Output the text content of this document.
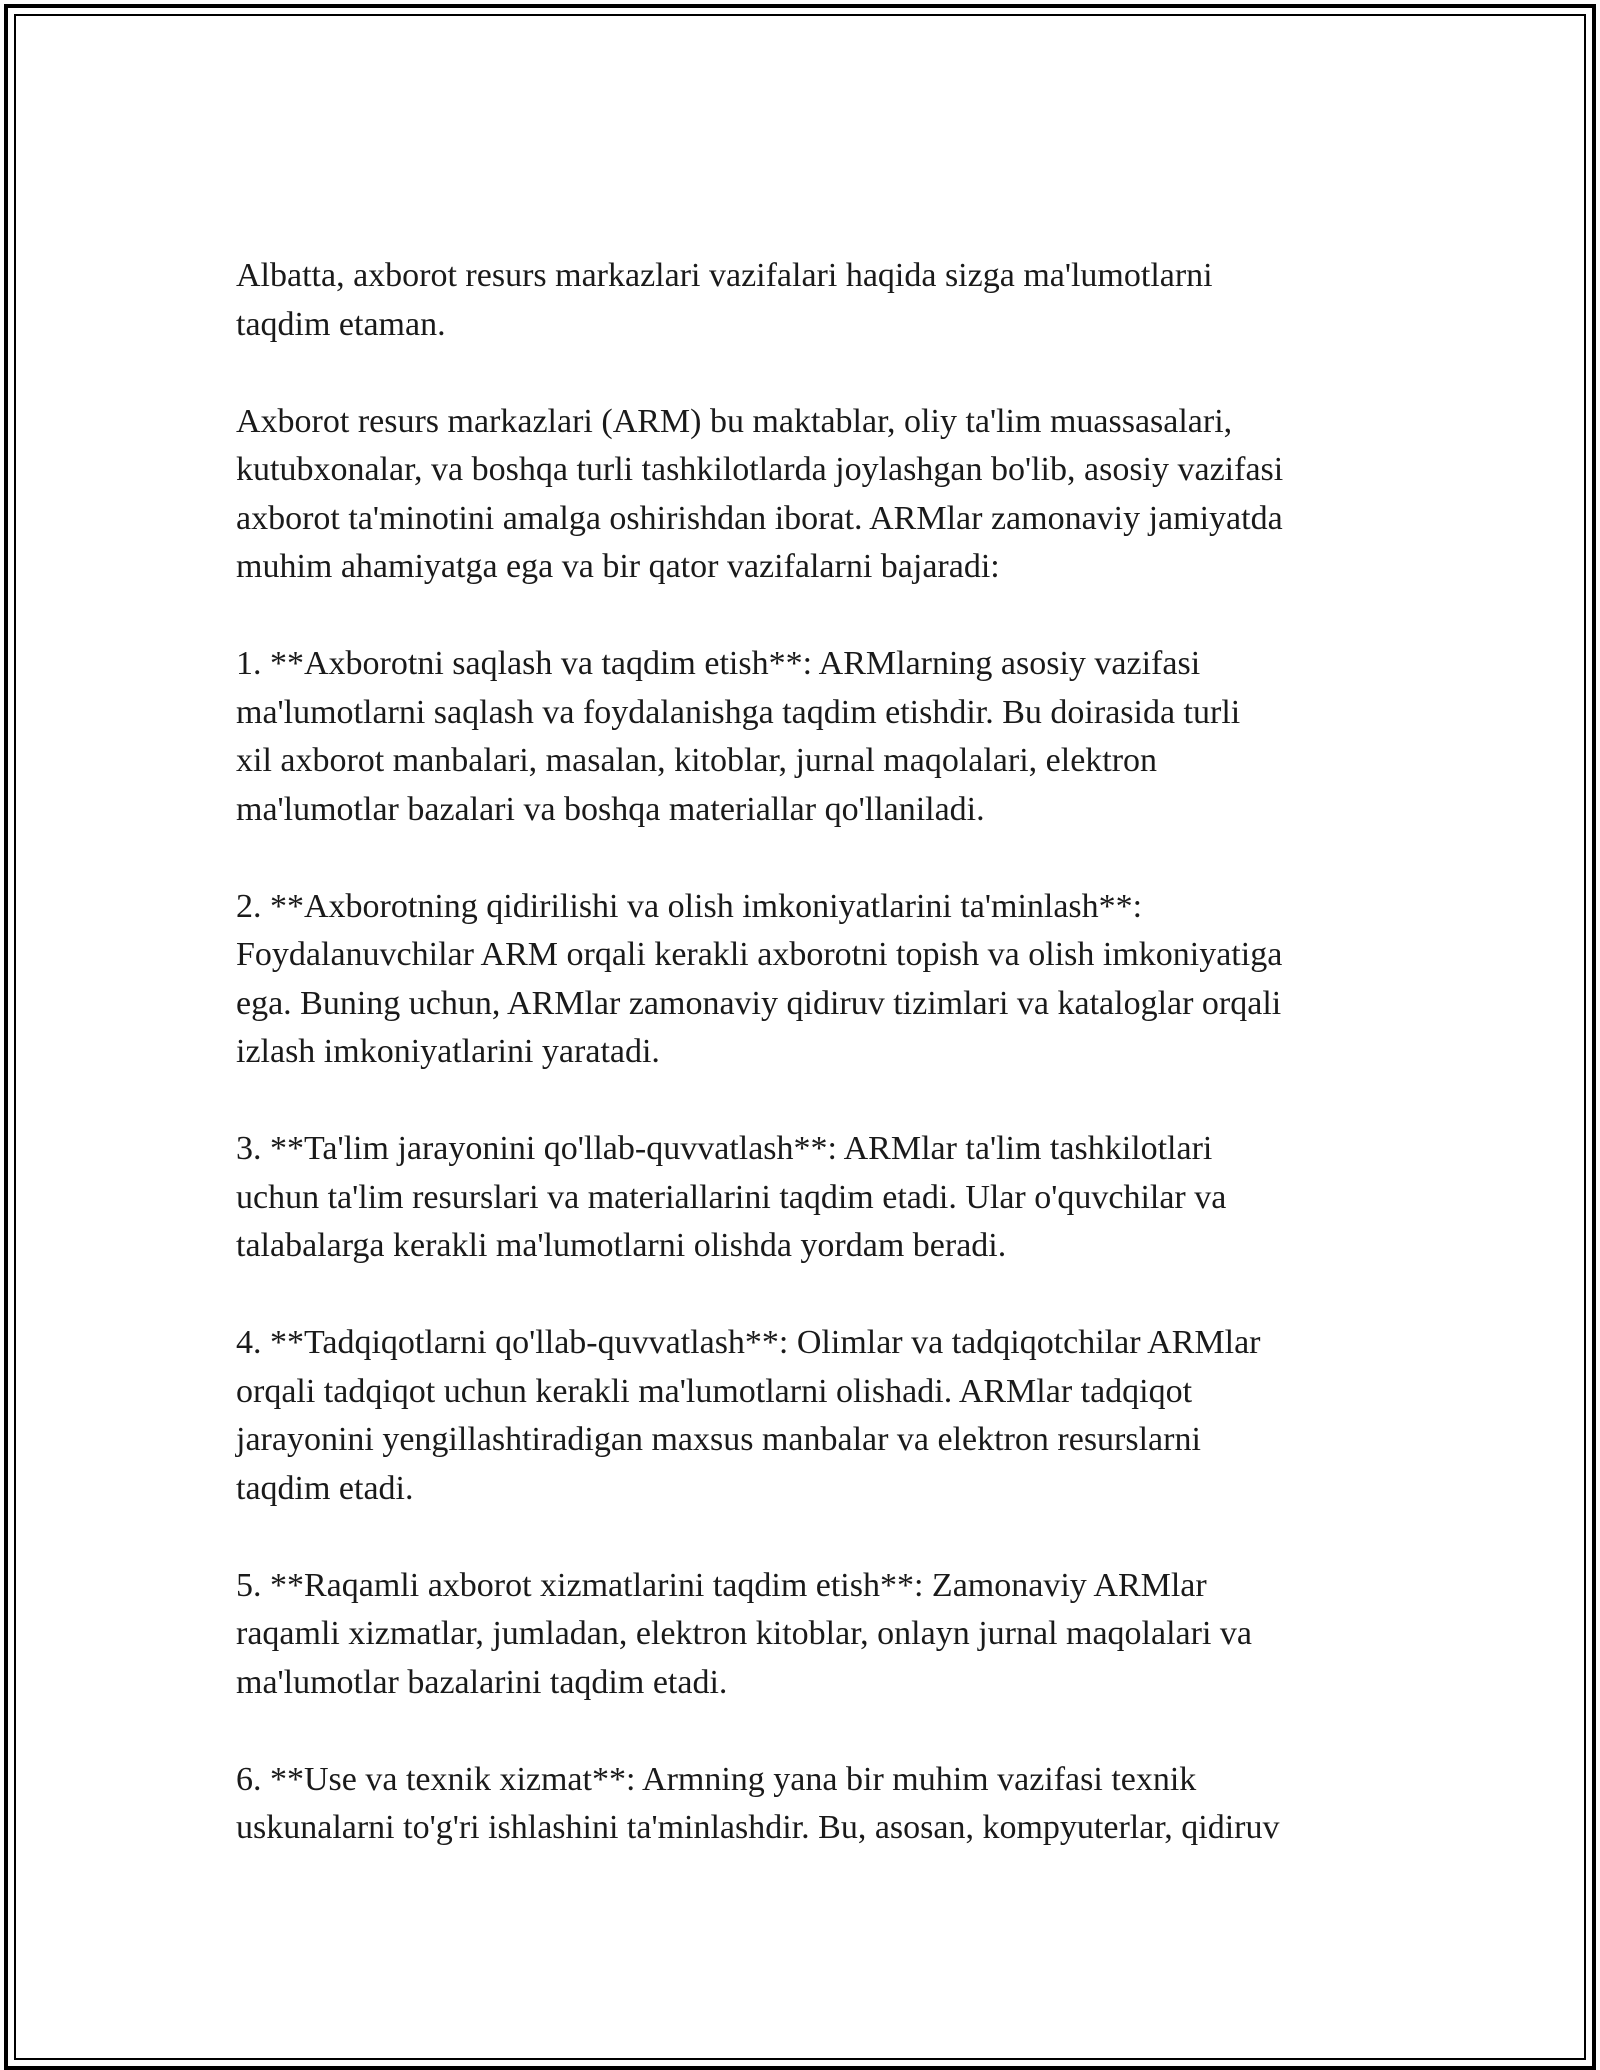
Albatta, axborot resurs markazlari vazifalari haqida sizga ma'lumotlarni
taqdim etaman.

Axborot resurs markazlari (ARM) bu maktablar, oliy ta'lim muassasalari,
kutubxonalar, va boshqa turli tashkilotlarda joylashgan bo'lib, asosiy vazifasi
axborot ta'minotini amalga oshirishdan iborat. ARMlar zamonaviy jamiyatda
muhim ahamiyatga ega va bir qator vazifalarni bajaradi:

1. **Axborotni saqlash va taqdim etish**: ARMlarning asosiy vazifasi
ma'lumotlarni saqlash va foydalanishga taqdim etishdir. Bu doirasida turli
xil axborot manbalari, masalan, kitoblar, jurnal maqolalari, elektron
ma'lumotlar bazalari va boshqa materiallar qo'llaniladi.

2. **Axborotning qidirilishi va olish imkoniyatlarini ta'minlash**:
Foydalanuvchilar ARM orqali kerakli axborotni topish va olish imkoniyatiga
ega. Buning uchun, ARMlar zamonaviy qidiruv tizimlari va kataloglar orqali
izlash imkoniyatlarini yaratadi.

3. **Ta'lim jarayonini qo'llab-quvvatlash**: ARMlar ta'lim tashkilotlari
uchun ta'lim resurslari va materiallarini taqdim etadi. Ular o'quvchilar va
talabalarga kerakli ma'lumotlarni olishda yordam beradi.

4. **Tadqiqotlarni qo'llab-quvvatlash**: Olimlar va tadqiqotchilar ARMlar
orqali tadqiqot uchun kerakli ma'lumotlarni olishadi. ARMlar tadqiqot
jarayonini yengillashtiradigan maxsus manbalar va elektron resurslarni
taqdim etadi.

5. **Raqamli axborot xizmatlarini taqdim etish**: Zamonaviy ARMlar
raqamli xizmatlar, jumladan, elektron kitoblar, onlayn jurnal maqolalari va
ma'lumotlar bazalarini taqdim etadi.

6. **Use va texnik xizmat**: Armning yana bir muhim vazifasi texnik
uskunalarni to'g'ri ishlashini ta'minlashdir. Bu, asosan, kompyuterlar, qidiruv
